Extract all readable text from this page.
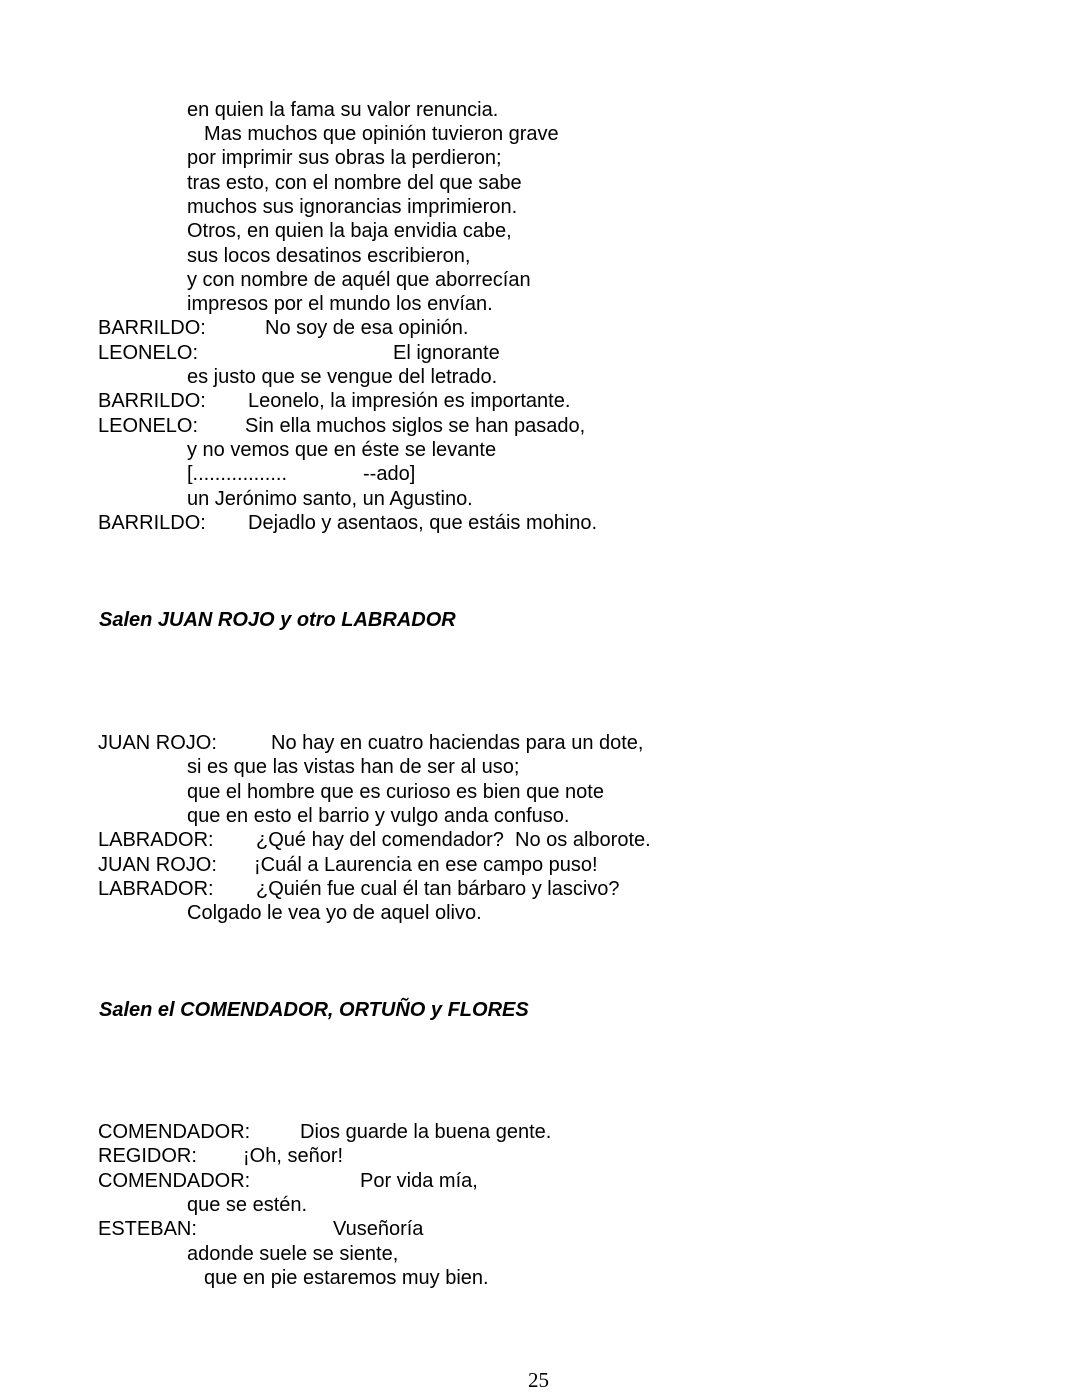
en quien la fama su valor renuncia.
Mas muchos que opinión tuvieron grave
por imprimir sus obras la perdieron;
tras esto, con el nombre del que sabe
muchos sus ignorancias imprimieron.
Otros, en quien la baja envidia cabe,
sus locos desatinos escribieron,
y con nombre de aquél que aborrecían
impresos por el mundo los envían.
BARRILDO:	No soy de esa opinión.
LEONELO:	El ignorante
es justo que se vengue del letrado.
BARRILDO: Leonelo, la impresión es importante.
LEONELO: Sin ella muchos siglos se han pasado,
y no vemos que en éste se levante
[.................	--ado]
un Jerónimo santo, un Agustino.
BARRILDO: Dejadlo y asentaos, que estáis mohino.
Salen JUAN ROJO y otro LABRADOR
JUAN ROJO:	No hay en cuatro haciendas para un dote,
si es que las vistas han de ser al uso;
que el hombre que es curioso es bien que note
que en esto el barrio y vulgo anda confuso.
LABRADOR: ¿Qué hay del comendador?  No os alborote.
JUAN ROJO: ¡Cuál a Laurencia en ese campo puso!
LABRADOR: ¿Quién fue cual él tan bárbaro y lascivo?
Colgado le vea yo de aquel olivo.
Salen el COMENDADOR, ORTUÑO y FLORES
COMENDADOR: Dios guarde la buena gente.
REGIDOR: ¡Oh, señor!
COMENDADOR:	Por vida mía,
que se estén.
ESTEBAN:	Vuseñoría
adonde suele se siente,
que en pie estaremos muy bien.
25
